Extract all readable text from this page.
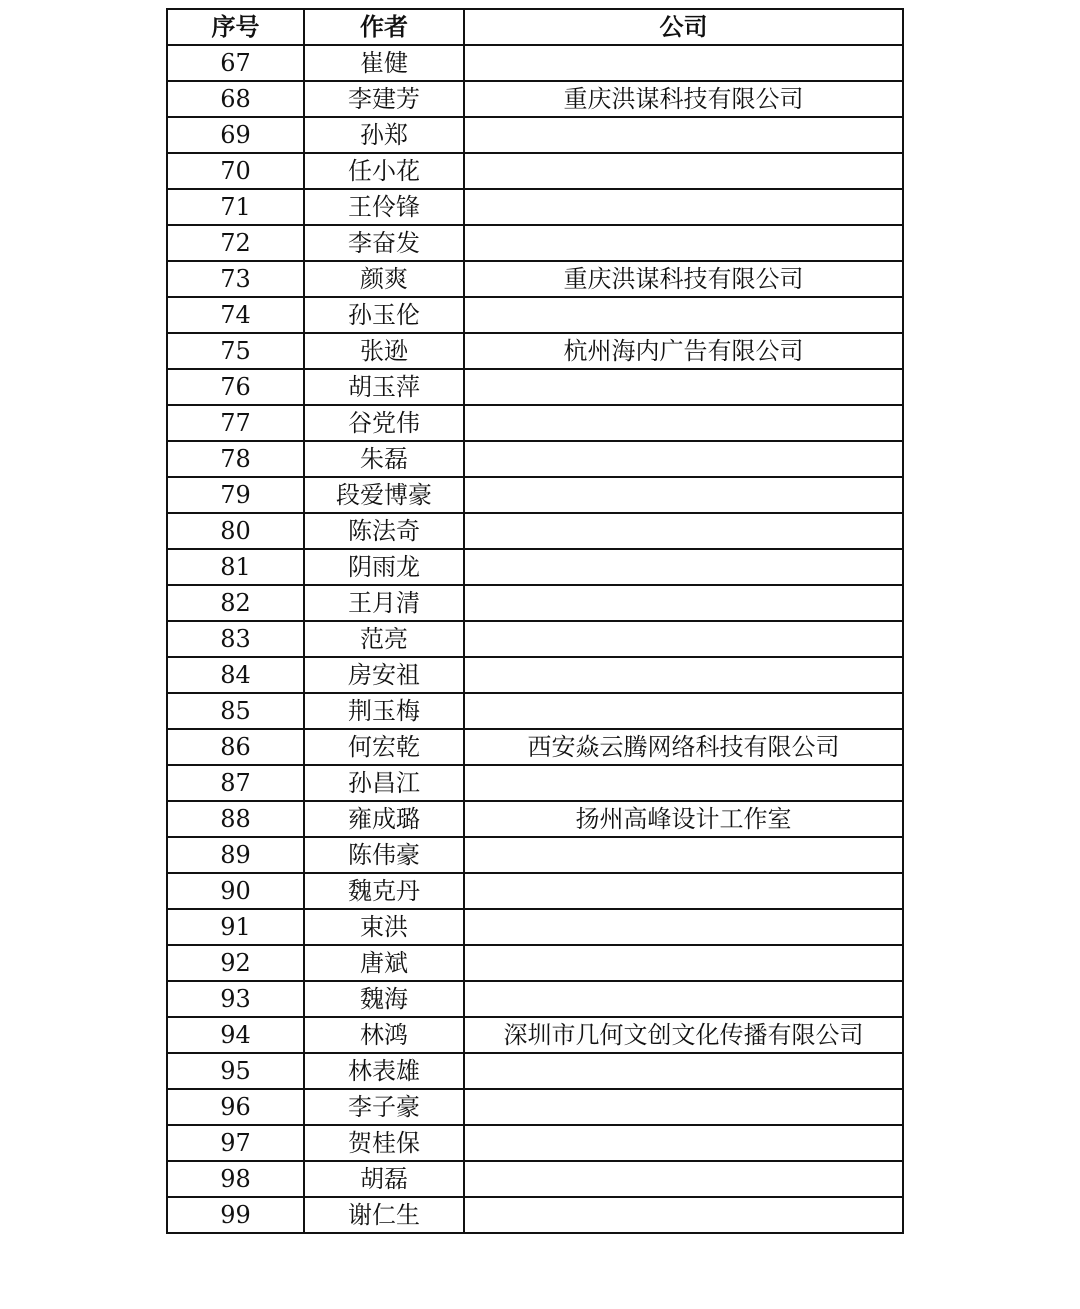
序号	作者	公司
67	崔健	
68	李建芳	重庆洪谋科技有限公司
69	孙郑	
70	任小花	
71	王伶锋	
72	李奋发	
73	颜爽	重庆洪谋科技有限公司
74	孙玉伦	
75	张逊	杭州海内广告有限公司
76	胡玉萍	
77	谷党伟	
78	朱磊	
79	段爱博豪	
80	陈法奇	
81	阴雨龙	
82	王月清	
83	范亮	
84	房安祖	
85	荆玉梅	
86	何宏乾	西安焱云腾网络科技有限公司
87	孙昌江	
88	雍成璐	扬州高峰设计工作室
89	陈伟豪	
90	魏克丹	
91	束洪	
92	唐斌	
93	魏海	
94	林鸿	深圳市几何文创文化传播有限公司
95	林表雄	
96	李子豪	
97	贺桂保	
98	胡磊	
99	谢仁生	
